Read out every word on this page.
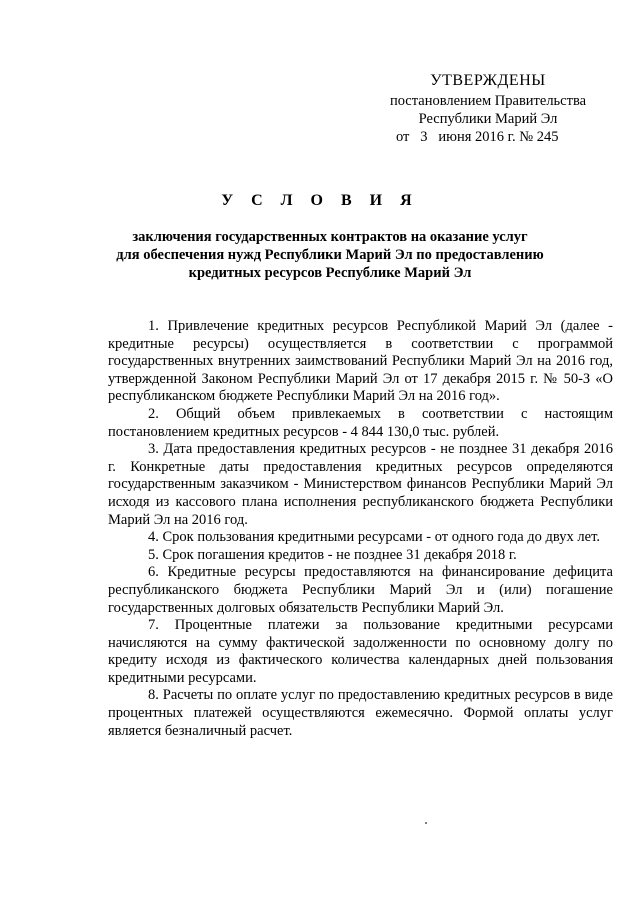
УТВЕРЖДЕНЫ
постановлением Правительства
Республики Марий Эл
от   3   июня 2016 г. № 245
У С Л О В И Я
заключения государственных контрактов на оказание услуг
для обеспечения нужд Республики Марий Эл по предоставлению
кредитных ресурсов Республике Марий Эл

1. Привлечение кредитных ресурсов Республикой Марий Эл (далее - кредитные ресурсы) осуществляется в соответствии с программой государственных внутренних заимствований Республики Марий Эл на 2016 год, утвержденной Законом Республики Марий Эл от 17 декабря 2015 г. № 50-З «О республиканском бюджете Республики Марий Эл на 2016 год».

2. Общий объем привлекаемых в соответствии с настоящим постановлением кредитных ресурсов - 4 844 130,0 тыс. рублей.

3. Дата предоставления кредитных ресурсов - не позднее 31 декабря 2016 г. Конкретные даты предоставления кредитных ресурсов определяются государственным заказчиком - Министерством финансов Республики Марий Эл исходя из кассового плана исполнения республиканского бюджета Республики Марий Эл на 2016 год.

4. Срок пользования кредитными ресурсами - от одного года до двух лет.

5. Срок погашения кредитов - не позднее 31 декабря 2018 г.

6. Кредитные ресурсы предоставляются на финансирование дефицита республиканского бюджета Республики Марий Эл и (или) погашение государственных долговых обязательств Республики Марий Эл.

7. Процентные платежи за пользование кредитными ресурсами начисляются на сумму фактической задолженности по основному долгу по кредиту исходя из фактического количества календарных дней пользования кредитными ресурсами.

8. Расчеты по оплате услуг по предоставлению кредитных ресурсов в виде процентных платежей осуществляются ежемесячно. Формой оплаты услуг является безналичный расчет.
